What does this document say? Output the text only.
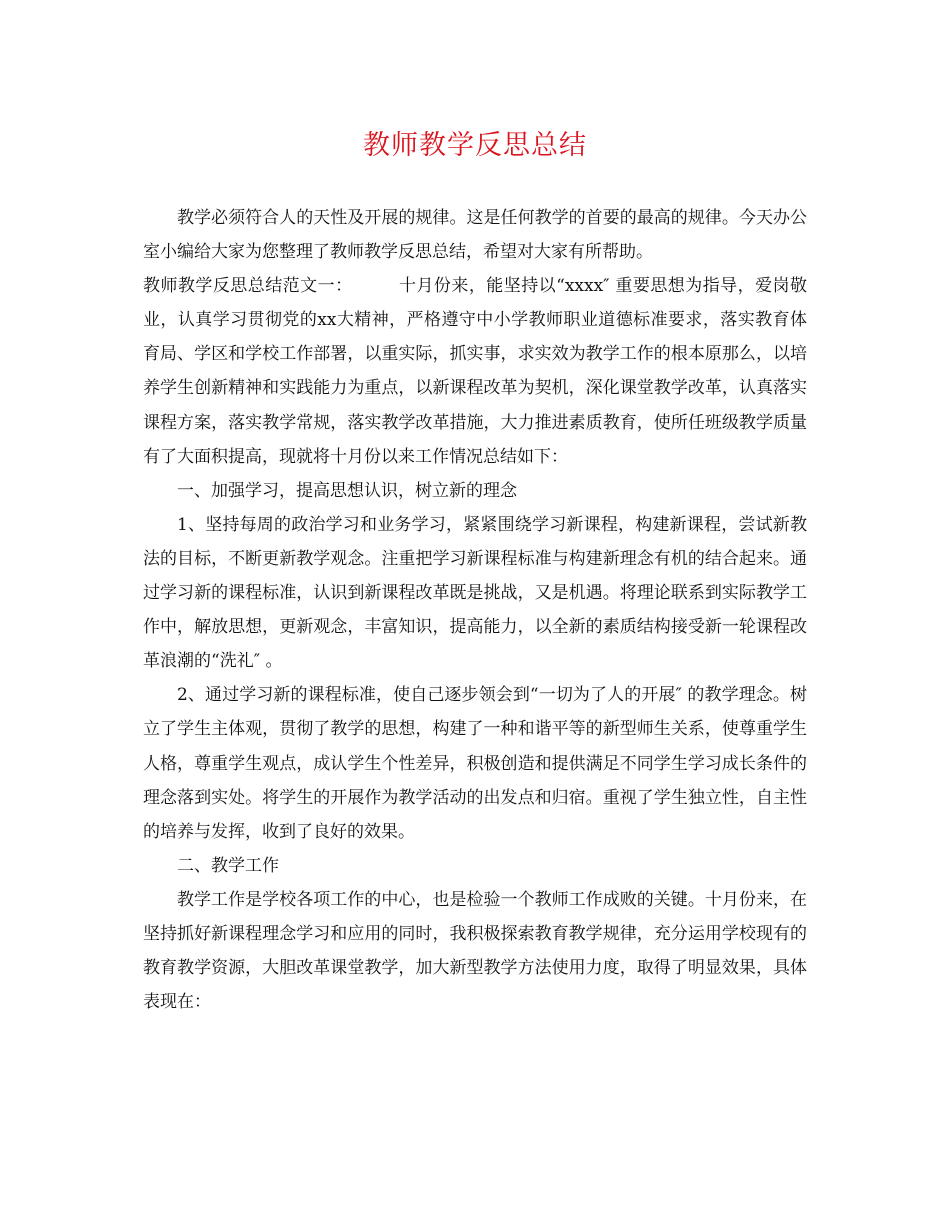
教师教学反思总结

教学必须符合人的天性及开展的规律。这是任何教学的首要的最高的规律。今天办公室小编给大家为您整理了教师教学反思总结，希望对大家有所帮助。

教师教学反思总结范文一：	十月份来，能坚持以“xxxx″ 重要思想为指导，爱岗敬业，认真学习贯彻党的xx大精神，严格遵守中小学教师职业道德标准要求，落实教育体育局、学区和学校工作部署，以重实际，抓实事，求实效为教学工作的根本原那么，以培养学生创新精神和实践能力为重点，以新课程改革为契机，深化课堂教学改革，认真落实课程方案，落实教学常规，落实教学改革措施，大力推进素质教育，使所任班级教学质量有了大面积提高，现就将十月份以来工作情况总结如下：

一、加强学习，提高思想认识，树立新的理念

1、坚持每周的政治学习和业务学习，紧紧围绕学习新课程，构建新课程，尝试新教法的目标，不断更新教学观念。注重把学习新课程标准与构建新理念有机的结合起来。通过学习新的课程标准，认识到新课程改革既是挑战，又是机遇。将理论联系到实际教学工作中，解放思想，更新观念，丰富知识，提高能力，以全新的素质结构接受新一轮课程改革浪潮的“洗礼″ 。

2、通过学习新的课程标准，使自己逐步领会到“一切为了人的开展″ 的教学理念。树立了学生主体观，贯彻了教学的思想，构建了一种和谐平等的新型师生关系，使尊重学生人格，尊重学生观点，成认学生个性差异，积极创造和提供满足不同学生学习成长条件的理念落到实处。将学生的开展作为教学活动的出发点和归宿。重视了学生独立性，自主性的培养与发挥，收到了良好的效果。

二、教学工作

教学工作是学校各项工作的中心，也是检验一个教师工作成败的关键。十月份来，在坚持抓好新课程理念学习和应用的同时，我积极探索教育教学规律，充分运用学校现有的教育教学资源，大胆改革课堂教学，加大新型教学方法使用力度，取得了明显效果，具体表现在：
